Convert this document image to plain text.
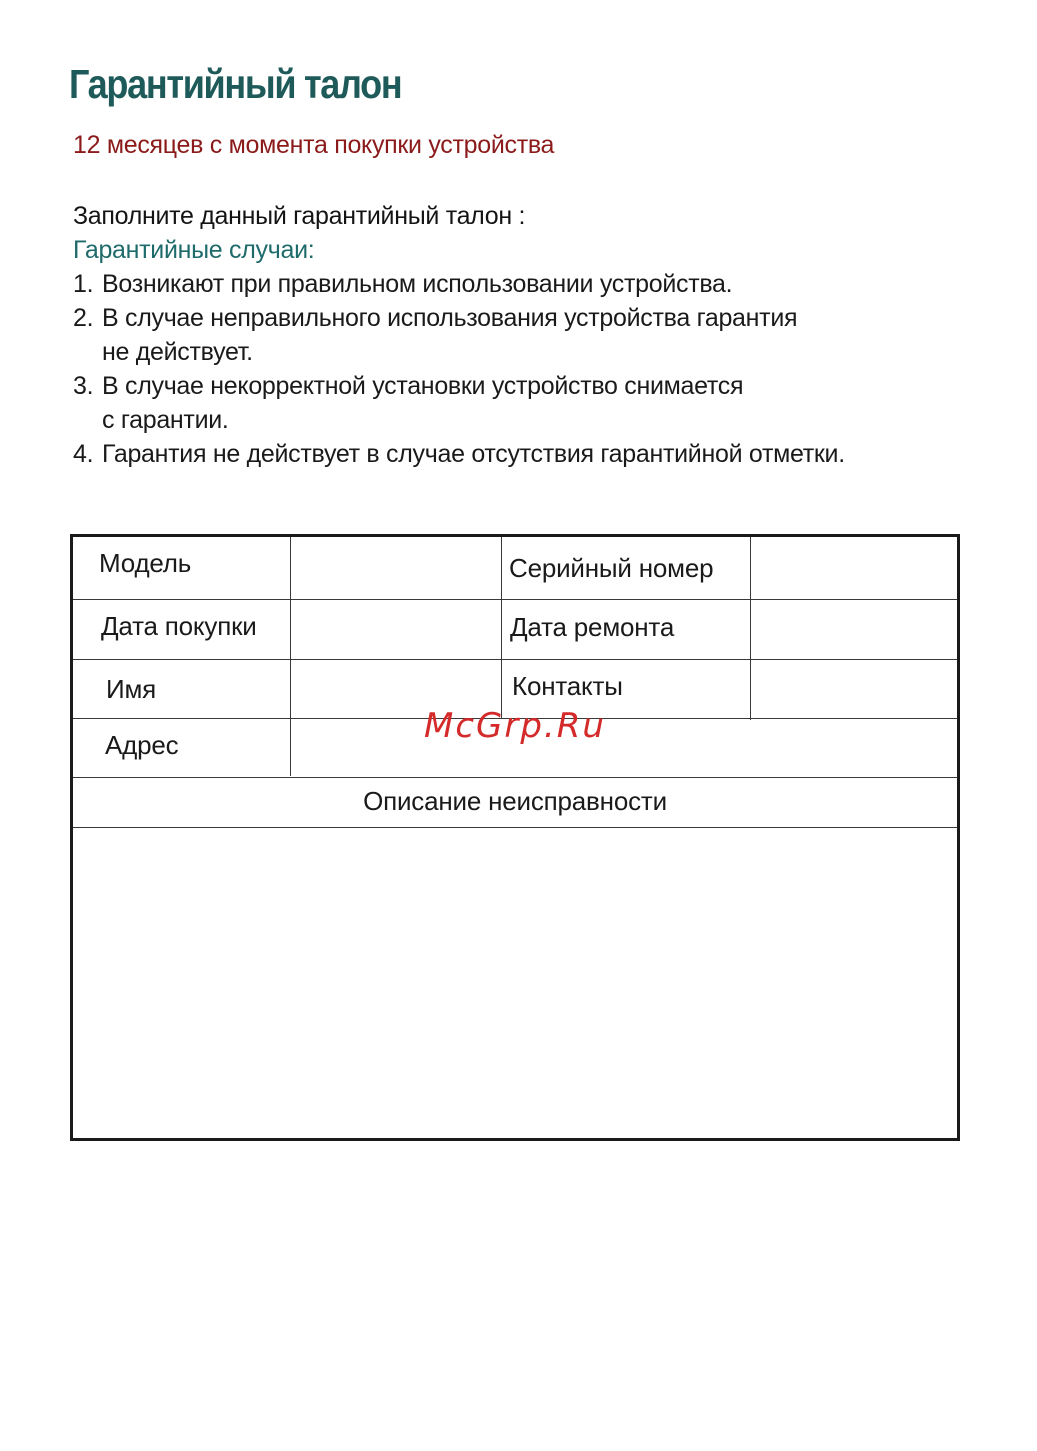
Гарантийный талон

12 месяцев с момента покупки устройства

Заполните данный гарантийный талон :
Гарантийные случаи:
1. Возникают при правильном использовании устройства.
2. В случае неправильного использования устройства гарантия
не действует.
3. В случае некорректной установки устройство снимается
с гарантии.
4. Гарантия не действует в случае отсутствия гарантийной отметки.
Модель	Серийный номер
Дата покупки	Дата ремонта
Имя	Контакты
Адрес
Описание неисправности
McGrp.Ru
